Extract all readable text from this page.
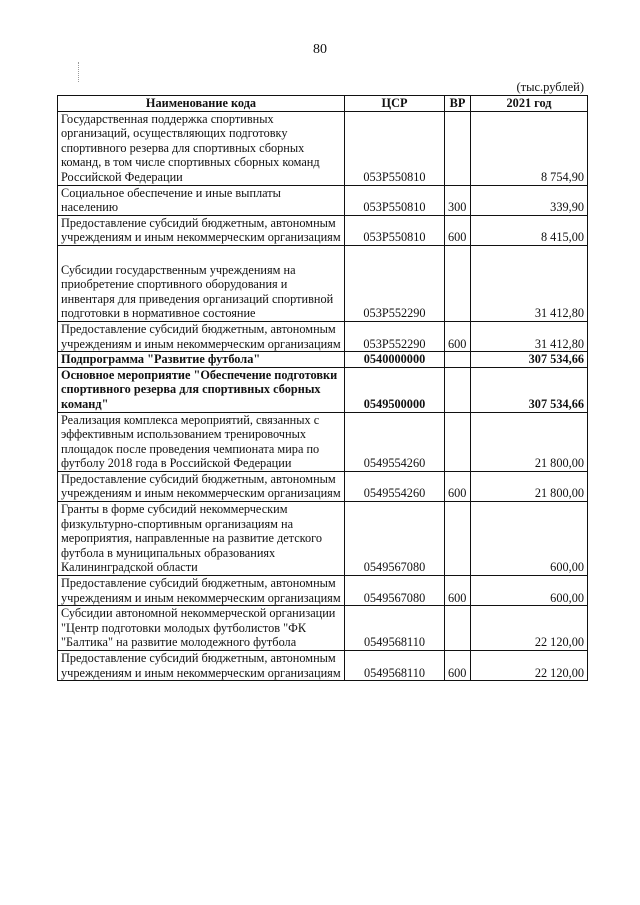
80
(тыс.рублей)
Наименование кода	ЦСР	ВР	2021 год
Государственная поддержка спортивных организаций, осуществляющих подготовку спортивного резерва для спортивных сборных команд, в том числе спортивных сборных команд Российской Федерации	053P550810		8 754,90
Социальное обеспечение и иные выплаты населению	053P550810	300	339,90
Предоставление субсидий бюджетным, автономным учреждениям и иным некоммерческим организациям	053P550810	600	8 415,00
Субсидии государственным учреждениям на приобретение спортивного оборудования и инвентаря для приведения организаций спортивной подготовки в нормативное состояние	053P552290		31 412,80
Предоставление субсидий бюджетным, автономным учреждениям и иным некоммерческим организациям	053P552290	600	31 412,80
Подпрограмма "Развитие футбола"	0540000000		307 534,66
Основное мероприятие "Обеспечение подготовки спортивного резерва для спортивных сборных команд"	0549500000		307 534,66
Реализация комплекса мероприятий, связанных с эффективным использованием тренировочных площадок после проведения чемпионата мира по футболу 2018 года в Российской Федерации	0549554260		21 800,00
Предоставление субсидий бюджетным, автономным учреждениям и иным некоммерческим организациям	0549554260	600	21 800,00
Гранты в форме субсидий некоммерческим физкультурно-спортивным организациям на мероприятия, направленные на развитие детского футбола в муниципальных образованиях Калининградской области	0549567080		600,00
Предоставление субсидий бюджетным, автономным учреждениям и иным некоммерческим организациям	0549567080	600	600,00
Субсидии автономной некоммерческой организации "Центр подготовки молодых футболистов "ФК "Балтика" на развитие молодежного футбола	0549568110		22 120,00
Предоставление субсидий бюджетным, автономным учреждениям и иным некоммерческим организациям	0549568110	600	22 120,00
